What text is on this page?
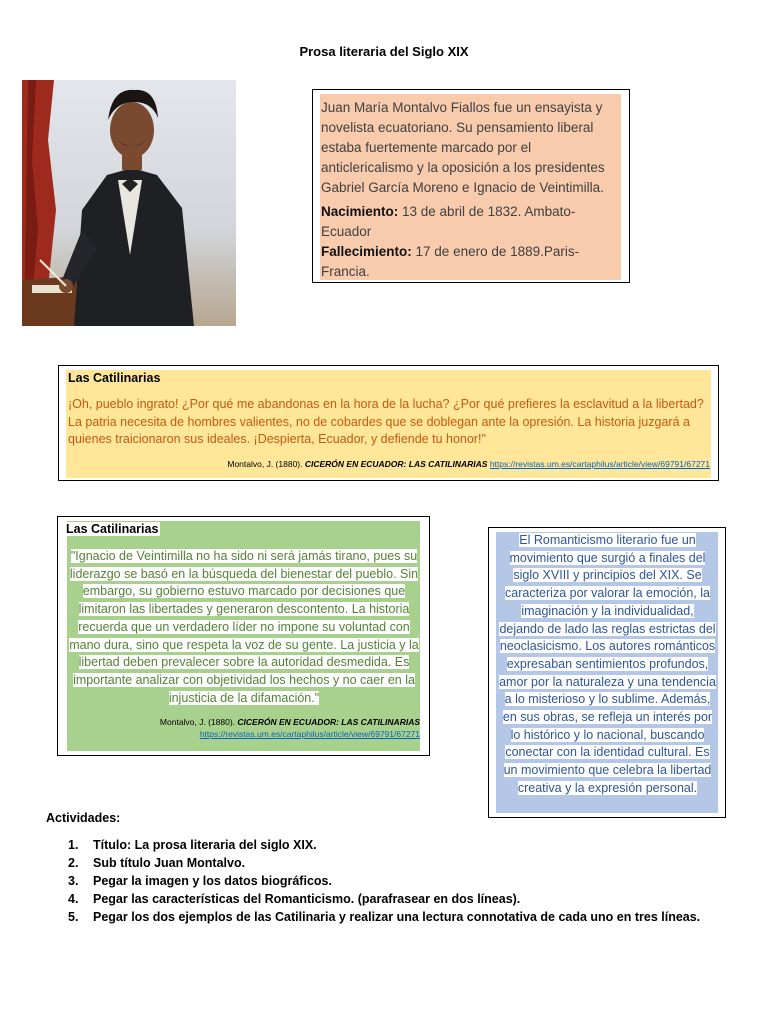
Prosa literaria del Siglo XIX

Juan María Montalvo Fiallos fue un ensayista y novelista ecuatoriano. Su pensamiento liberal estaba fuertemente marcado por el anticlericalismo y la oposición a los presidentes Gabriel García Moreno e Ignacio de Veintimilla.

Nacimiento: 13 de abril de 1832. Ambato-Ecuador

Fallecimiento: 17 de enero de 1889.Paris-Francia.

Las Catilinarias
¡Oh, pueblo ingrato! ¿Por qué me abandonas en la hora de la lucha? ¿Por qué prefieres la esclavitud a la libertad? La patria necesita de hombres valientes, no de cobardes que se doblegan ante la opresión. La historia juzgará a quienes traicionaron sus ideales. ¡Despierta, Ecuador, y defiende tu honor!"
Montalvo, J. (1880). CICERÓN EN ECUADOR: LAS CATILINARIAS https://revistas.um.es/cartaphilus/article/view/69791/67271
Las Catilinarias
"Ignacio de Veintimilla no ha sido ni será jamás tirano, pues su liderazgo se basó en la búsqueda del bienestar del pueblo. Sin embargo, su gobierno estuvo marcado por decisiones que limitaron las libertades y generaron descontento. La historia recuerda que un verdadero líder no impone su voluntad con mano dura, sino que respeta la voz de su gente. La justicia y la libertad deben prevalecer sobre la autoridad desmedida. Es importante analizar con objetividad los hechos y no caer en la injusticia de la difamación."
Montalvo, J. (1880). CICERÓN EN ECUADOR: LAS CATILINARIAS
https://revistas.um.es/cartaphilus/article/view/69791/67271
El Romanticismo literario fue un movimiento que surgió a finales del siglo XVIII y principios del XIX. Se caracteriza por valorar la emoción, la imaginación y la individualidad, dejando de lado las reglas estrictas del neoclasicismo. Los autores románticos expresaban sentimientos profundos, amor por la naturaleza y una tendencia a lo misterioso y lo sublime. Además, en sus obras, se refleja un interés por lo histórico y lo nacional, buscando conectar con la identidad cultural. Es un movimiento que celebra la libertad creativa y la expresión personal.
Actividades:
1. Título: La prosa literaria del siglo XIX.
2. Sub título Juan Montalvo.
3. Pegar la imagen y los datos biográficos.
4. Pegar las características del Romanticismo. (parafrasear en dos líneas).
5. Pegar los dos ejemplos de las Catilinaria y realizar una lectura connotativa de cada uno en tres líneas.
